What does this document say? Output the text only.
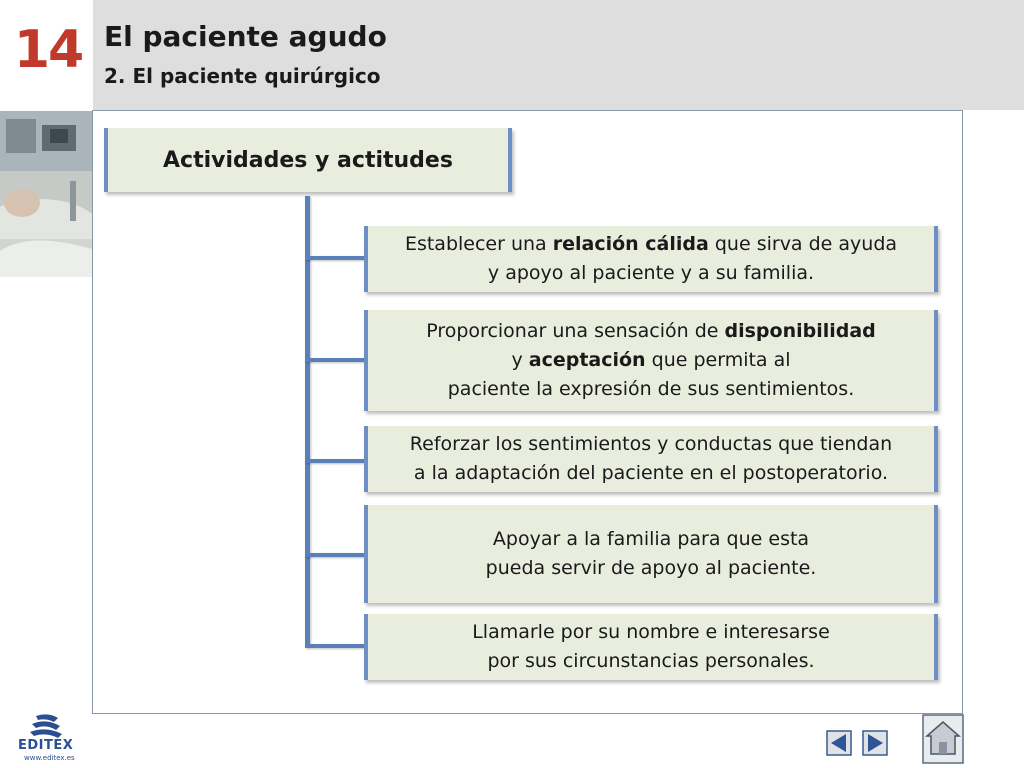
14 El paciente agudo
2. El paciente quirúrgico
Actividades y actitudes
Establecer una relación cálida que sirva de ayuda
y apoyo al paciente y a su familia.
Proporcionar una sensación de disponibilidad
y aceptación que permita al
paciente la expresión de sus sentimientos.
Reforzar los sentimientos y conductas que tiendan
a la adaptación del paciente en el postoperatorio.
Apoyar a la familia para que esta
pueda servir de apoyo al paciente.
Llamarle por su nombre e interesarse
por sus circunstancias personales.
EDITEX
www.editex.es
